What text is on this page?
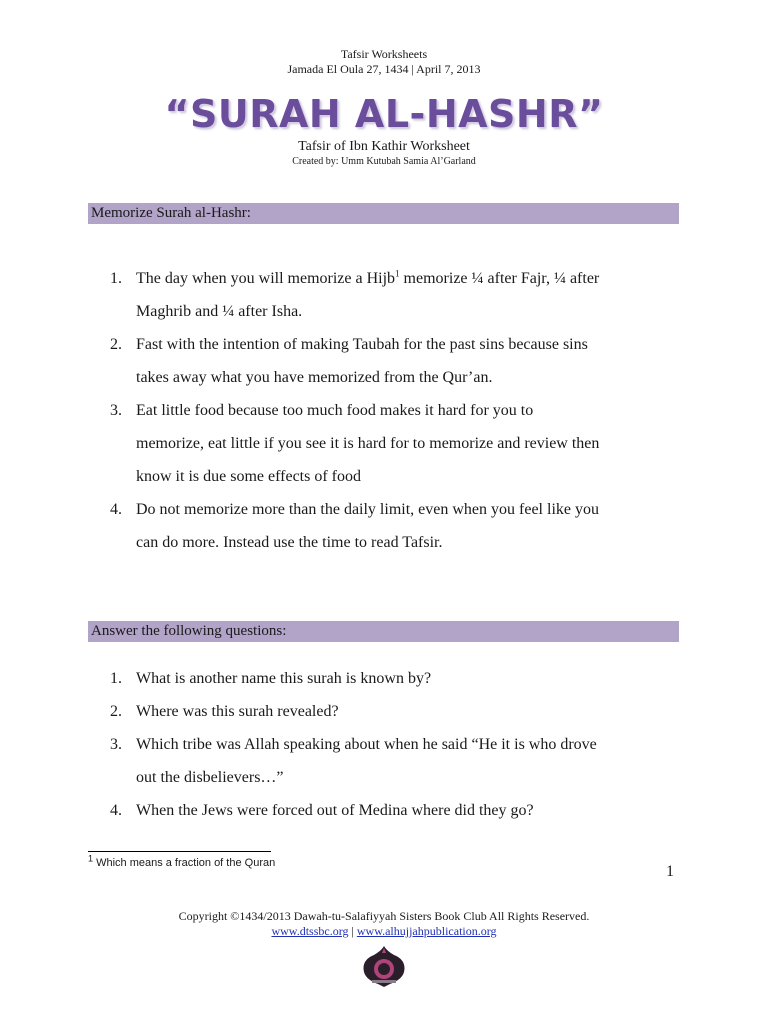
Tafsir Worksheets
Jamada El Oula 27, 1434 | April 7, 2013
“SURAH AL-HASHR”
Tafsir of Ibn Kathir Worksheet
Created by: Umm Kutubah Samia Al’Garland
Memorize Surah al-Hashr:
1. The day when you will memorize a Hijb$^1$ memorize ¼ after Fajr, ¼ after
Maghrib and ¼ after Isha.
2. Fast with the intention of making Taubah for the past sins because sins
takes away what you have memorized from the Qur’an.
3. Eat little food because too much food makes it hard for you to
memorize, eat little if you see it is hard for to memorize and review then
know it is due some effects of food
4. Do not memorize more than the daily limit, even when you feel like you
can do more. Instead use the time to read Tafsir.
Answer the following questions:
1. What is another name this surah is known by?
2. Where was this surah revealed?
3. Which tribe was Allah speaking about when he said “He it is who drove
out the disbelievers…”
4. When the Jews were forced out of Medina where did they go?
$^1$ Which means a fraction of the Quran	1
Copyright ©1434/2013 Dawah-tu-Salafiyyah Sisters Book Club All Rights Reserved.
www.dtssbc.org | www.alhujjahpublication.org
